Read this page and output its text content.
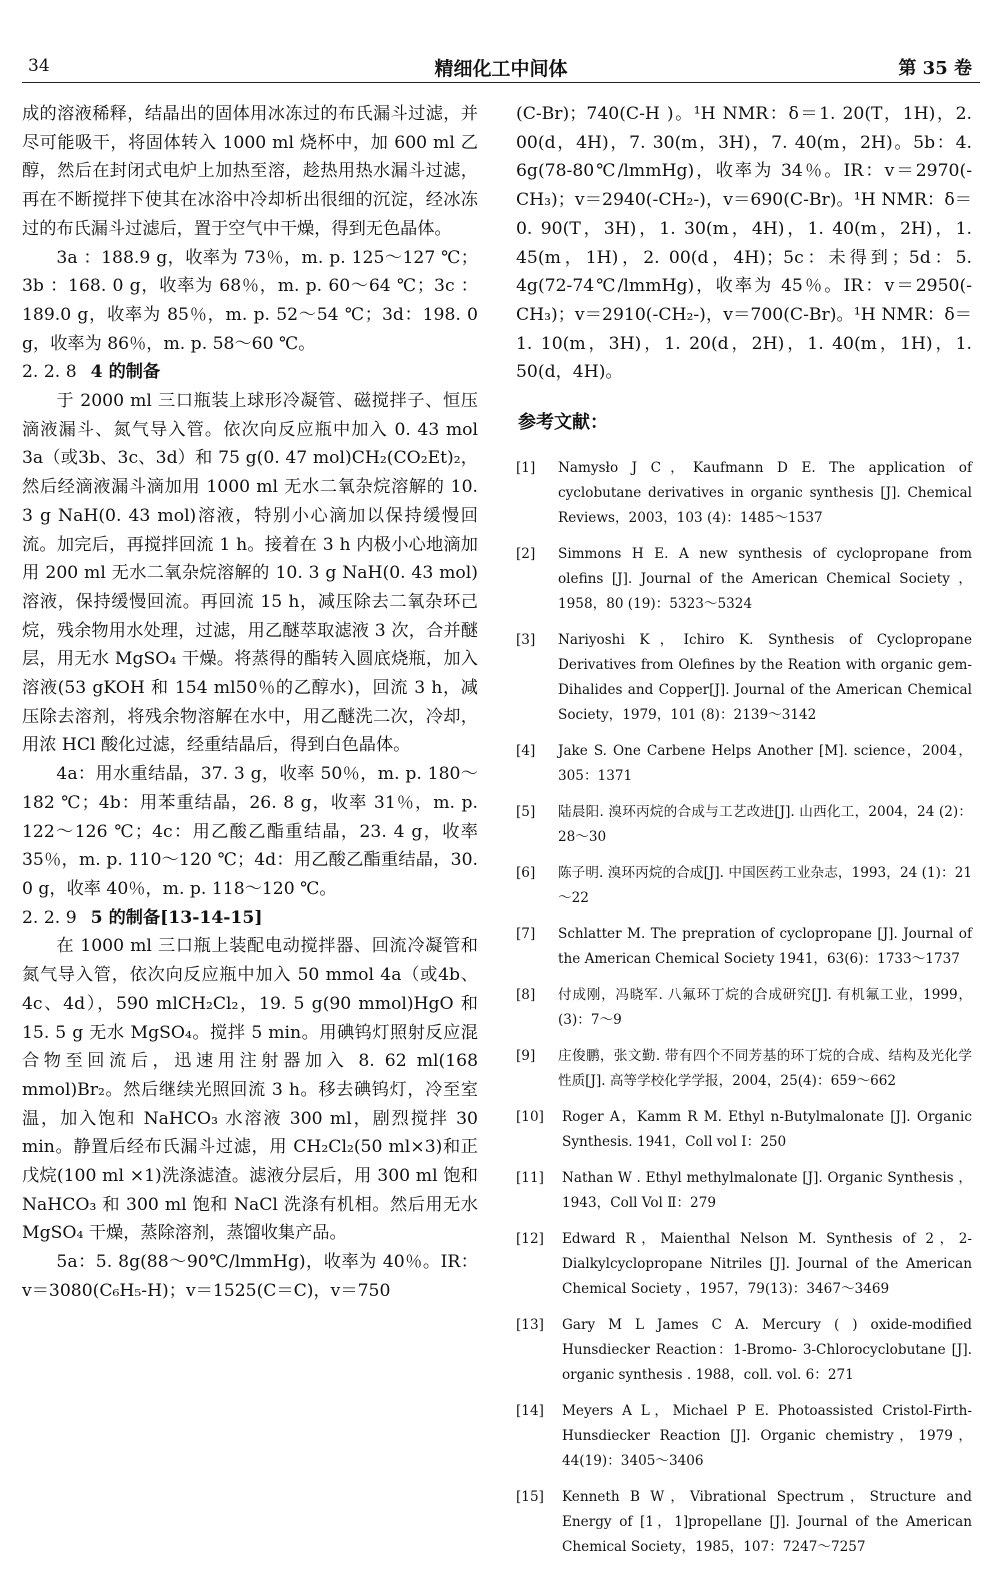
34	精细化工中间体	第 35 卷

成的溶液稀释，结晶出的固体用冰冻过的布氏漏斗过滤，并尽可能吸干，将固体转入 1000 ml 烧杯中，加 600 ml 乙醇，然后在封闭式电炉上加热至溶，趁热用热水漏斗过滤，再在不断搅拌下使其在冰浴中冷却析出很细的沉淀，经冰冻过的布氏漏斗过滤后，置于空气中干燥，得到无色晶体。

3a ：188.9 g，收率为 73％，m. p. 125～127 ℃；3b ：168. 0 g，收率为 68％，m. p. 60～64 ℃；3c ：189.0 g，收率为 85％，m. p. 52～54 ℃；3d：198. 0 g，收率为 86％，m. p. 58～60 ℃。

2. 2. 8 4 的制备

于 2000 ml 三口瓶装上球形冷凝管、磁搅拌子、恒压滴液漏斗、氮气导入管。依次向反应瓶中加入 0. 43 mol 3a（或3b、3c、3d）和 75 g(0. 47 mol)CH₂(CO₂Et)₂，然后经滴液漏斗滴加用 1000 ml 无水二氧杂烷溶解的 10. 3 g NaH(0. 43 mol)溶液，特别小心滴加以保持缓慢回流。加完后，再搅拌回流 1 h。接着在 3 h 内极小心地滴加用 200 ml 无水二氧杂烷溶解的 10. 3 g NaH(0. 43 mol)溶液，保持缓慢回流。再回流 15 h，减压除去二氧杂环己烷，残余物用水处理，过滤，用乙醚萃取滤液 3 次，合并醚层，用无水 MgSO₄ 干燥。将蒸得的酯转入圆底烧瓶，加入溶液(53 gKOH 和 154 ml50％的乙醇水)，回流 3 h，减压除去溶剂，将残余物溶解在水中，用乙醚洗二次，冷却，用浓 HCl 酸化过滤，经重结晶后，得到白色晶体。

4a：用水重结晶，37. 3 g，收率 50％，m. p. 180～182 ℃；4b：用苯重结晶，26. 8 g，收率 31％，m. p. 122～126 ℃；4c：用乙酸乙酯重结晶，23. 4 g，收率 35％，m. p. 110～120 ℃；4d：用乙酸乙酯重结晶，30. 0 g，收率 40％，m. p. 118～120 ℃。

2. 2. 9 5 的制备[13-14-15]

在 1000 ml 三口瓶上装配电动搅拌器、回流冷凝管和氮气导入管，依次向反应瓶中加入 50 mmol 4a（或4b、4c、4d），590 mlCH₂Cl₂，19. 5 g(90 mmol)HgO 和 15. 5 g 无水 MgSO₄。搅拌 5 min。用碘钨灯照射反应混合物至回流后，迅速用注射器加入 8. 62 ml(168 mmol)Br₂。然后继续光照回流 3 h。移去碘钨灯，冷至室温，加入饱和 NaHCO₃ 水溶液 300 ml，剧烈搅拌 30 min。静置后经布氏漏斗过滤，用 CH₂Cl₂(50 ml×3)和正戊烷(100 ml ×1)洗涤滤渣。滤液分层后，用 300 ml 饱和 NaHCO₃ 和 300 ml 饱和 NaCl 洗涤有机相。然后用无水 MgSO₄ 干燥，蒸除溶剂，蒸馏收集产品。

5a：5. 8g(88～90℃/lmmHg)，收率为 40％。IR：v＝3080(C₆H₅-H)；v＝1525(C＝C)，v＝750

(C-Br)；740(C-H )。¹H NMR：δ＝1. 20(T，1H)，2. 00(d，4H)，7. 30(m，3H)，7. 40(m，2H)。5b：4. 6g(78-80℃/lmmHg)，收率为 34％。IR：v＝2970(-CH₃)；v＝2940(-CH₂-)，v＝690(C-Br)。¹H NMR：δ＝0. 90(T，3H)，1. 30(m，4H)，1. 40(m，2H)，1. 45(m，1H)，2. 00(d，4H)；5c：未得到；5d：5. 4g(72-74℃/lmmHg)，收率为 45％。IR：v＝2950(-CH₃)；v＝2910(-CH₂-)，v＝700(C-Br)。¹H NMR：δ＝1. 10(m，3H)，1. 20(d，2H)，1. 40(m，1H)，1. 50(d，4H)。

参考文献：
[1] Namysło J C，Kaufmann D E. The application of cyclobutane derivatives in organic synthesis [J]. Chemical Reviews，2003，103 (4)：1485～1537
[2] Simmons H E. A new synthesis of cyclopropane from olefins [J]. Journal of the American Chemical Society ，1958，80 (19)：5323～5324
[3] Nariyoshi K，Ichiro K. Synthesis of Cyclopropane Derivatives from Olefines by the Reation with organic gem-Dihalides and Copper[J]. Journal of the American Chemical Society，1979，101 (8)：2139～3142
[4] Jake S. One Carbene Helps Another [M]. science，2004，305：1371
[5] 陆晨阳. 溴环丙烷的合成与工艺改进[J]. 山西化工，2004，24 (2)：28～30
[6] 陈子明. 溴环丙烷的合成[J]. 中国医药工业杂志，1993，24 (1)：21～22
[7] Schlatter M. The prepration of cyclopropane [J]. Journal of the American Chemical Society 1941，63(6)：1733～1737
[8] 付成刚，冯晓军. 八氟环丁烷的合成研究[J]. 有机氟工业，1999，(3)：7～9
[9] 庄俊鹏，张文勤. 带有四个不同芳基的环丁烷的合成、结构及光化学性质[J]. 高等学校化学学报，2004，25(4)：659～662
[10] Roger A，Kamm R M. Ethyl n-Butylmalonate [J]. Organic Synthesis. 1941，Coll vol Ⅰ：250
[11] Nathan W . Ethyl methylmalonate [J]. Organic Synthesis ，1943，Coll Vol Ⅱ：279
[12] Edward R，Maienthal Nelson M. Synthesis of 2，2-Dialkylcyclopropane Nitriles [J]. Journal of the American Chemical Society ，1957，79(13)：3467～3469
[13] Gary M L James C A. Mercury ( ) oxide-modified Hunsdiecker Reaction：1-Bromo- 3-Chlorocyclobutane [J]. organic synthesis . 1988，coll. vol. 6：271
[14] Meyers A L，Michael P E. Photoassisted Cristol-Firth-Hunsdiecker Reaction [J]. Organic chemistry，1979，44(19)：3405～3406
[15] Kenneth B W，Vibrational Spectrum，Structure and Energy of [1，1]propellane [J]. Journal of the American Chemical Society，1985，107：7247～7257
